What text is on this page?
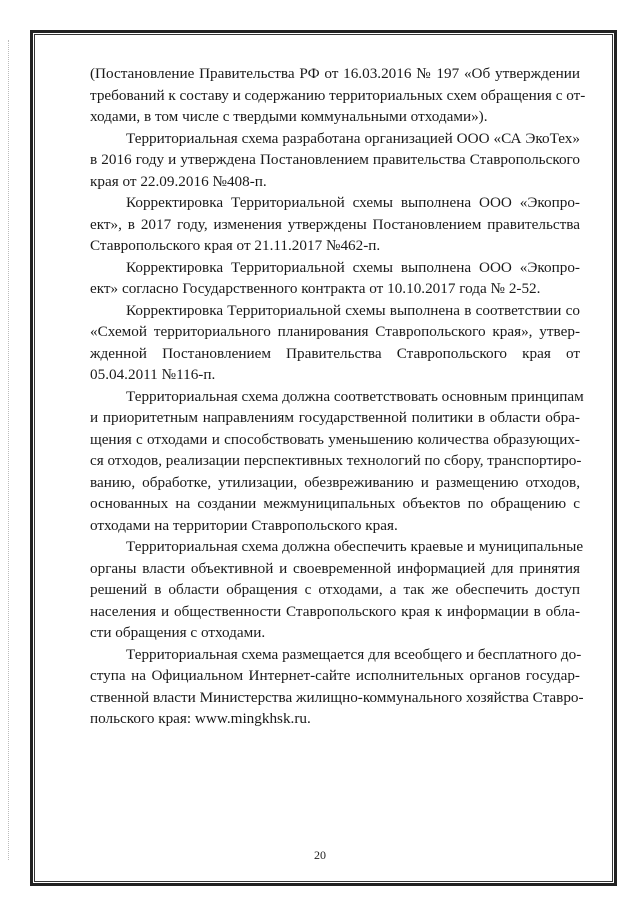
(Постановление Правительства РФ от 16.03.2016 № 197 «Об утверждении
требований к составу и содержанию территориальных схем обращения с от-
ходами, в том числе с твердыми коммунальными отходами»).

Территориальная схема разработана организацией ООО «СА ЭкоТех»
в 2016 году и утверждена Постановлением правительства Ставропольского
края от 22.09.2016 №408-п.

Корректировка Территориальной схемы выполнена ООО «Экопро-
ект», в 2017 году, изменения утверждены Постановлением правительства
Ставропольского края от 21.11.2017 №462-п.

Корректировка Территориальной схемы выполнена ООО «Экопро-
ект» согласно Государственного контракта от 10.10.2017 года № 2-52.

Корректировка Территориальной схемы выполнена в соответствии со
«Схемой территориального планирования Ставропольского края», утвер-
жденной Постановлением Правительства Ставропольского края от
05.04.2011 №116-п.

Территориальная схема должна соответствовать основным принципам
и приоритетным направлениям государственной политики в области обра-
щения с отходами и способствовать уменьшению количества образующих-
ся отходов, реализации перспективных технологий по сбору, транспортиро-
ванию, обработке, утилизации, обезвреживанию и размещению отходов,
основанных на создании межмуниципальных объектов по обращению с
отходами на территории Ставропольского края.

Территориальная схема должна обеспечить краевые и муниципальные
органы власти объективной и своевременной информацией для принятия
решений в области обращения с отходами, а так же обеспечить доступ
населения и общественности Ставропольского края к информации в обла-
сти обращения с отходами.

Территориальная схема размещается для всеобщего и бесплатного до-
ступа на Официальном Интернет-сайте исполнительных органов государ-
ственной власти Министерства жилищно-коммунального хозяйства Ставро-
польского края: www.mingkhsk.ru.

20
